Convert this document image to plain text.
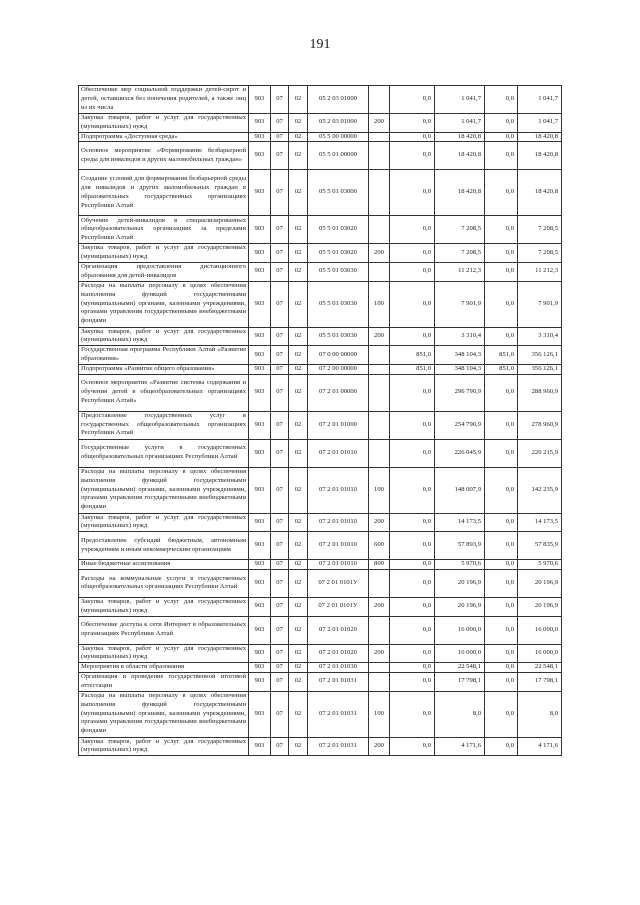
191
Обеспечение мер социальной поддержки детей-сирот и детей, оставшихся без попечения родителей, а также лиц из их числа	903	07	02	05 2 03 01000		0,0	1 041,7	0,0	1 041,7
Закупка товаров, работ и услуг для государственных (муниципальных) нужд	903	07	02	05 2 03 01000	200	0,0	1 041,7	0,0	1 041,7
Подпрограмма «Доступная среда»	903	07	02	05 5 00 00000		0,0	18 420,8	0,0	18 420,8
Основное мероприятие «Формирование безбарьерной среды для инвалидов и других маломобильных граждан»	903	07	02	05 5 01 00000		0,0	18 420,8	0,0	18 420,8
Создание условий для формирования безбарьерной среды для инвалидов и других маломобильных граждан в образовательных государственных организациях Республики Алтай	903	07	02	05 5 01 03000		0,0	18 420,8	0,0	18 420,8
Обучение детей-инвалидов в специализированных общеобразовательных организациях за пределами Республики Алтай	903	07	02	05 5 01 03020		0,0	7 208,5	0,0	7 208,5
Закупка товаров, работ и услуг для государственных (муниципальных) нужд	903	07	02	05 5 01 03020	200	0,0	7 208,5	0,0	7 208,5
Организация предоставления дистанционного образования для детей-инвалидов	903	07	02	05 5 01 03030		0,0	11 212,3	0,0	11 212,3
Расходы на выплаты персоналу в целях обеспечения выполнения функций государственными (муниципальными) органами, казенными учреждениями, органами управления государственными внебюджетными фондами	903	07	02	05 5 01 03030	100	0,0	7 901,9	0,0	7 901,9
Закупка товаров, работ и услуг для государственных (муниципальных) нужд	903	07	02	05 5 01 03030	200	0,0	3 310,4	0,0	3 310,4
Государственная программа Республики Алтай «Развитие образования»	903	07	02	07 0 00 00000		851,0	348 104,3	851,0	356 126,1
Подпрограмма «Развитие общего образования»	903	07	02	07 2 00 00000		851,0	348 104,3	851,0	356 126,1
Основное мероприятие «Развитие системы содержания и обучения детей в общеобразовательных организациях Республики Алтай»	903	07	02	07 2 01 00000		0,0	296 790,9	0,0	288 960,9
Предоставление государственных услуг в государственных общеобразовательных организациях Республики Алтай	903	07	02	07 2 01 01000		0,0	254 790,9	0,0	278 960,9
Государственные услуги в государственных общеобразовательных организациях Республики Алтай	903	07	02	07 2 01 01010		0,0	226 045,9	0,0	220 215,9
Расходы на выплаты персоналу в целях обеспечения выполнения функций государственными (муниципальными) органами, казенными учреждениями, органами управления государственными внебюджетными фондами	903	07	02	07 2 01 01010	100	0,0	148 007,9	0,0	142 235,9
Закупка товаров, работ и услуг для государственных (муниципальных) нужд	903	07	02	07 2 01 01010	200	0,0	14 173,5	0,0	14 173,5
Предоставление субсидий бюджетным, автономным учреждениям и иным некоммерческим организациям	903	07	02	07 2 01 01010	600	0,0	57 893,9	0,0	57 835,9
Иные бюджетные ассигнования	903	07	02	07 2 01 01010	800	0,0	5 970,6	0,0	5 970,6
Расходы на коммунальные услуги в государственных общеобразовательных организациях Республики Алтай	903	07	02	07 2 01 0101У		0,0	20 196,9	0,0	20 196,9
Закупка товаров, работ и услуг для государственных (муниципальных) нужд	903	07	02	07 2 01 0101У	200	0,0	20 196,9	0,0	20 196,9
Обеспечение доступа к сети Интернет в образовательных организациях Республики Алтай	903	07	02	07 2 01 01020		0,0	16 000,0	0,0	16 000,0
Закупка товаров, работ и услуг для государственных (муниципальных) нужд	903	07	02	07 2 01 01020	200	0,0	16 000,0	0,0	16 000,0
Мероприятия в области образования	903	07	02	07 2 01 01030		0,0	22 548,1	0,0	22 548,1
Организация и проведение государственной итоговой аттестации	903	07	02	07 2 01 01031		0,0	17 798,1	0,0	17 798,1
Расходы на выплаты персоналу в целях обеспечения выполнения функций государственными (муниципальными) органами, казенными учреждениями, органами управления государственными внебюджетными фондами	903	07	02	07 2 01 01031	100	0,0	8,0	0,0	8,0
Закупка товаров, работ и услуг для государственных (муниципальных) нужд	903	07	02	07 2 01 01031	200	0,0	4 171,6	0,0	4 171,6
